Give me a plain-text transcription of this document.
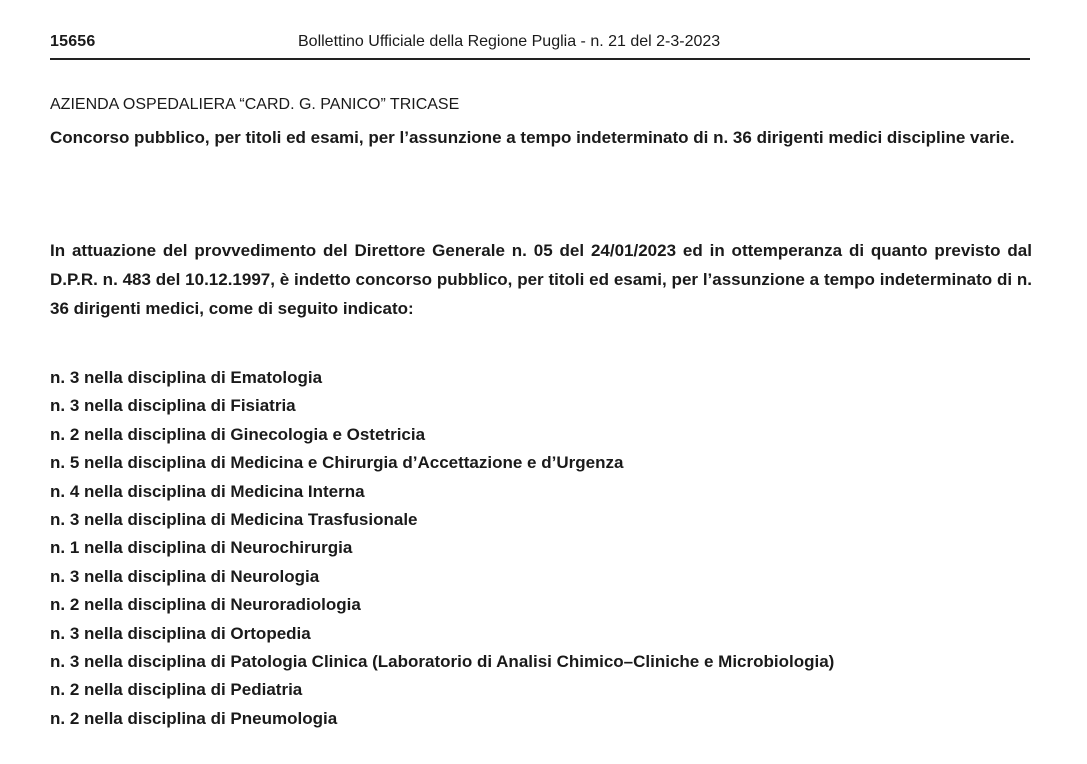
15656	Bollettino Ufficiale della Regione Puglia - n. 21 del 2-3-2023
AZIENDA OSPEDALIERA “CARD. G. PANICO” TRICASE
Concorso pubblico, per titoli ed esami, per l’assunzione a tempo indeterminato di n. 36 dirigenti medici discipline varie.
In attuazione del provvedimento del Direttore Generale n. 05 del 24/01/2023 ed in ottemperanza di quanto previsto dal D.P.R. n. 483 del 10.12.1997, è indetto concorso pubblico, per titoli ed esami, per l’assunzione a tempo indeterminato di n. 36 dirigenti medici, come di seguito indicato:
n. 3 nella disciplina di Ematologia
n. 3 nella disciplina di Fisiatria
n. 2 nella disciplina di Ginecologia e Ostetricia
n. 5 nella disciplina di Medicina e Chirurgia d’Accettazione e d’Urgenza
n. 4 nella disciplina di Medicina Interna
n. 3 nella disciplina di Medicina Trasfusionale
n. 1 nella disciplina di Neurochirurgia
n. 3 nella disciplina di Neurologia
n. 2 nella disciplina di Neuroradiologia
n. 3 nella disciplina di Ortopedia
n. 3 nella disciplina di Patologia Clinica (Laboratorio di Analisi Chimico–Cliniche e Microbiologia)
n. 2 nella disciplina di Pediatria
n. 2 nella disciplina di Pneumologia
